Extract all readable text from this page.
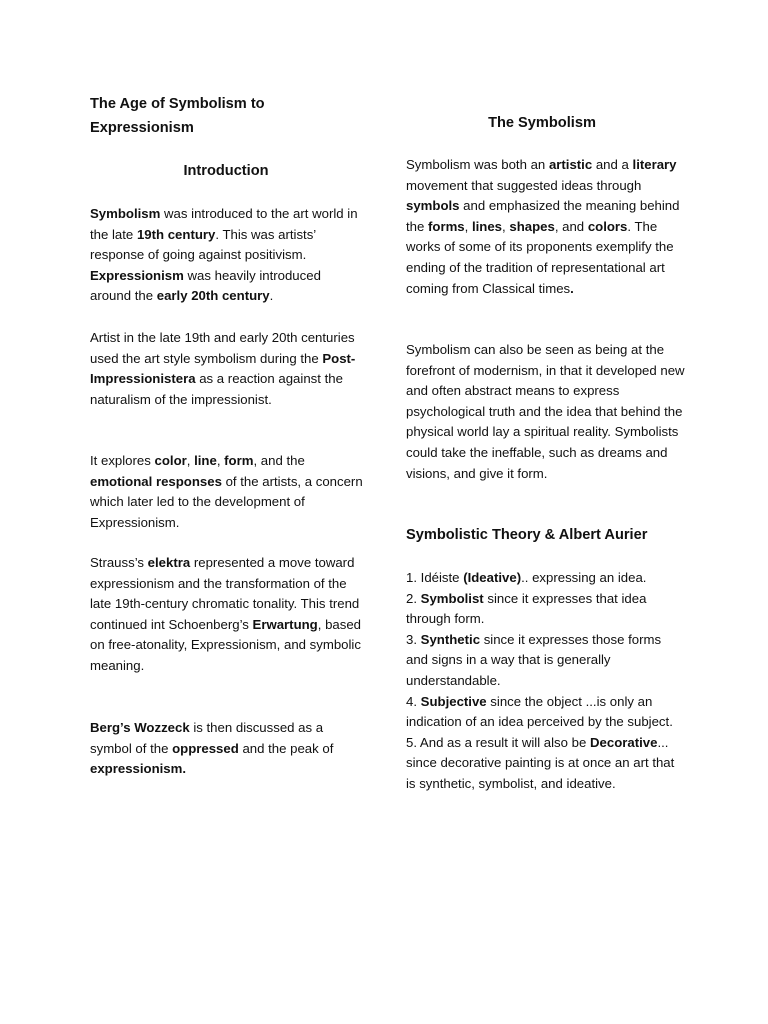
The Age of Symbolism to Expressionism
Introduction

Symbolism was introduced to the art world in the late 19th century. This was artists’ response of going against positivism. Expressionism was heavily introduced around the early 20th century.

Artist in the late 19th and early 20th centuries used the art style symbolism during the Post-Impressionistera as a reaction against the naturalism of the impressionist.

It explores color, line, form, and the emotional responses of the artists, a concern which later led to the development of Expressionism.

Strauss’s elektra represented a move toward expressionism and the transformation of the late 19th-century chromatic tonality. This trend continued int Schoenberg’s Erwartung, based on free-atonality, Expressionism, and symbolic meaning.

Berg’s Wozzeck is then discussed as a symbol of the oppressed and the peak of expressionism.

The Symbolism

Symbolism was both an artistic and a literary movement that suggested ideas through symbols and emphasized the meaning behind the forms, lines, shapes, and colors. The works of some of its proponents exemplify the ending of the tradition of representational art coming from Classical times.

Symbolism can also be seen as being at the forefront of modernism, in that it developed new and often abstract means to express psychological truth and the idea that behind the physical world lay a spiritual reality. Symbolists could take the ineffable, such as dreams and visions, and give it form.

Symbolistic Theory & Albert Aurier

1. Idéiste (Ideative).. expressing an idea.

2. Symbolist since it expresses that idea through form.

3. Synthetic since it expresses those forms and signs in a way that is generally understandable.

4. Subjective since the object ...is only an indication of an idea perceived by the subject.

5. And as a result it will also be Decorative... since decorative painting is at once an art that is synthetic, symbolist, and ideative.
